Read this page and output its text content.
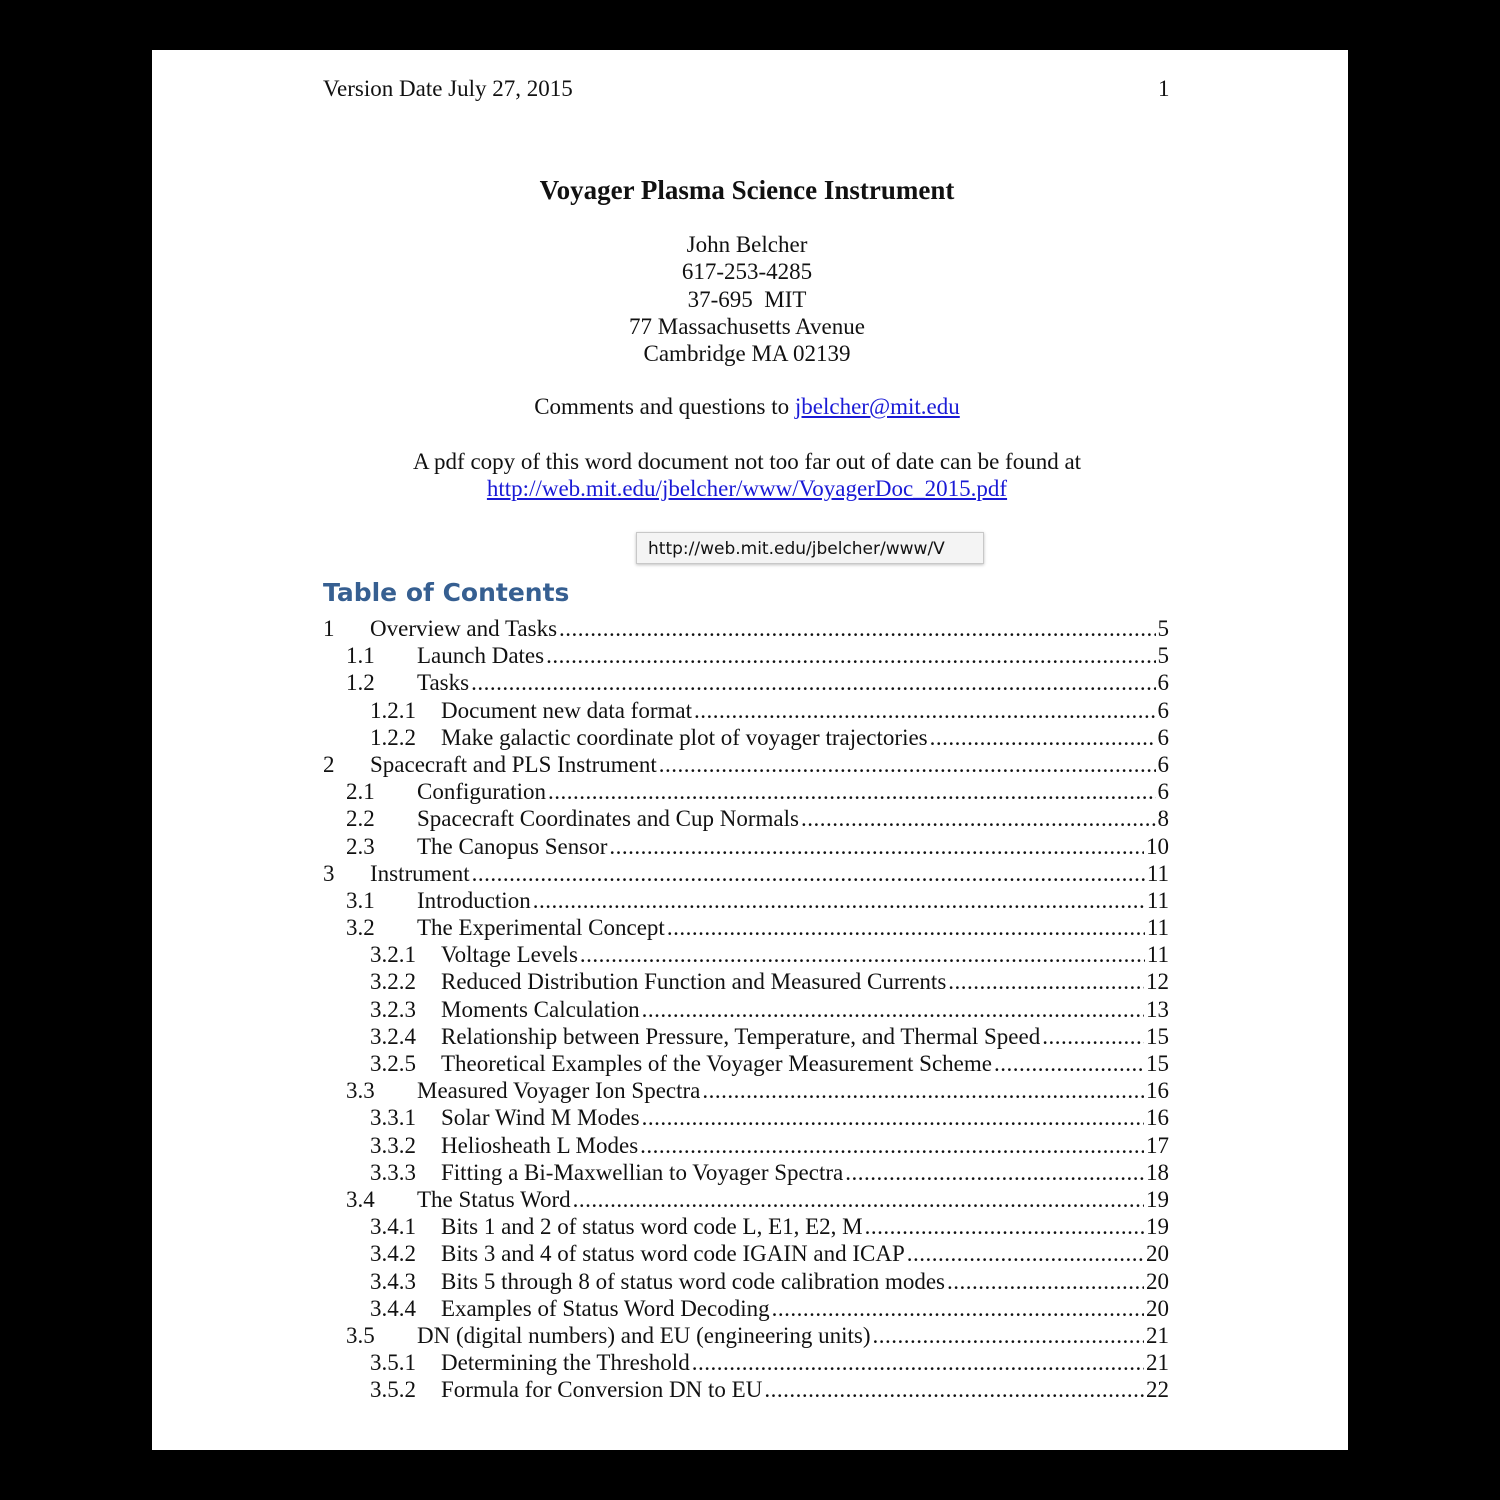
Version Date July 27, 2015	1
Voyager Plasma Science Instrument
John Belcher
617-253-4285
37-695  MIT
77 Massachusetts Avenue
Cambridge MA 02139
Comments and questions to jbelcher@mit.edu
A pdf copy of this word document not too far out of date can be found at
http://web.mit.edu/jbelcher/www/VoyagerDoc_2015.pdf
http://web.mit.edu/jbelcher/www/V
Table of Contents
1	Overview and Tasks .....	5
1.1	Launch Dates .....	5
1.2	Tasks .....	6
1.2.1	Document new data format .....	6
1.2.2	Make galactic coordinate plot of voyager trajectories .....	6
2	Spacecraft and PLS Instrument .....	6
2.1	Configuration .....	6
2.2	Spacecraft Coordinates and Cup Normals .....	8
2.3	The Canopus Sensor .....	10
3	Instrument .....	11
3.1	Introduction .....	11
3.2	The Experimental Concept .....	11
3.2.1	Voltage Levels .....	11
3.2.2	Reduced Distribution Function and Measured Currents .....	12
3.2.3	Moments Calculation .....	13
3.2.4	Relationship between Pressure, Temperature, and Thermal Speed .....	15
3.2.5	Theoretical Examples of the Voyager Measurement Scheme .....	15
3.3	Measured Voyager Ion Spectra .....	16
3.3.1	Solar Wind M Modes .....	16
3.3.2	Heliosheath L Modes .....	17
3.3.3	Fitting a Bi-Maxwellian to Voyager Spectra .....	18
3.4	The Status Word .....	19
3.4.1	Bits 1 and 2 of status word code L, E1, E2, M .....	19
3.4.2	Bits 3 and 4 of status word code IGAIN and ICAP .....	20
3.4.3	Bits 5 through 8 of status word code calibration modes .....	20
3.4.4	Examples of Status Word Decoding .....	20
3.5	DN (digital numbers) and EU (engineering units) .....	21
3.5.1	Determining the Threshold .....	21
3.5.2	Formula for Conversion DN to EU .....	22
